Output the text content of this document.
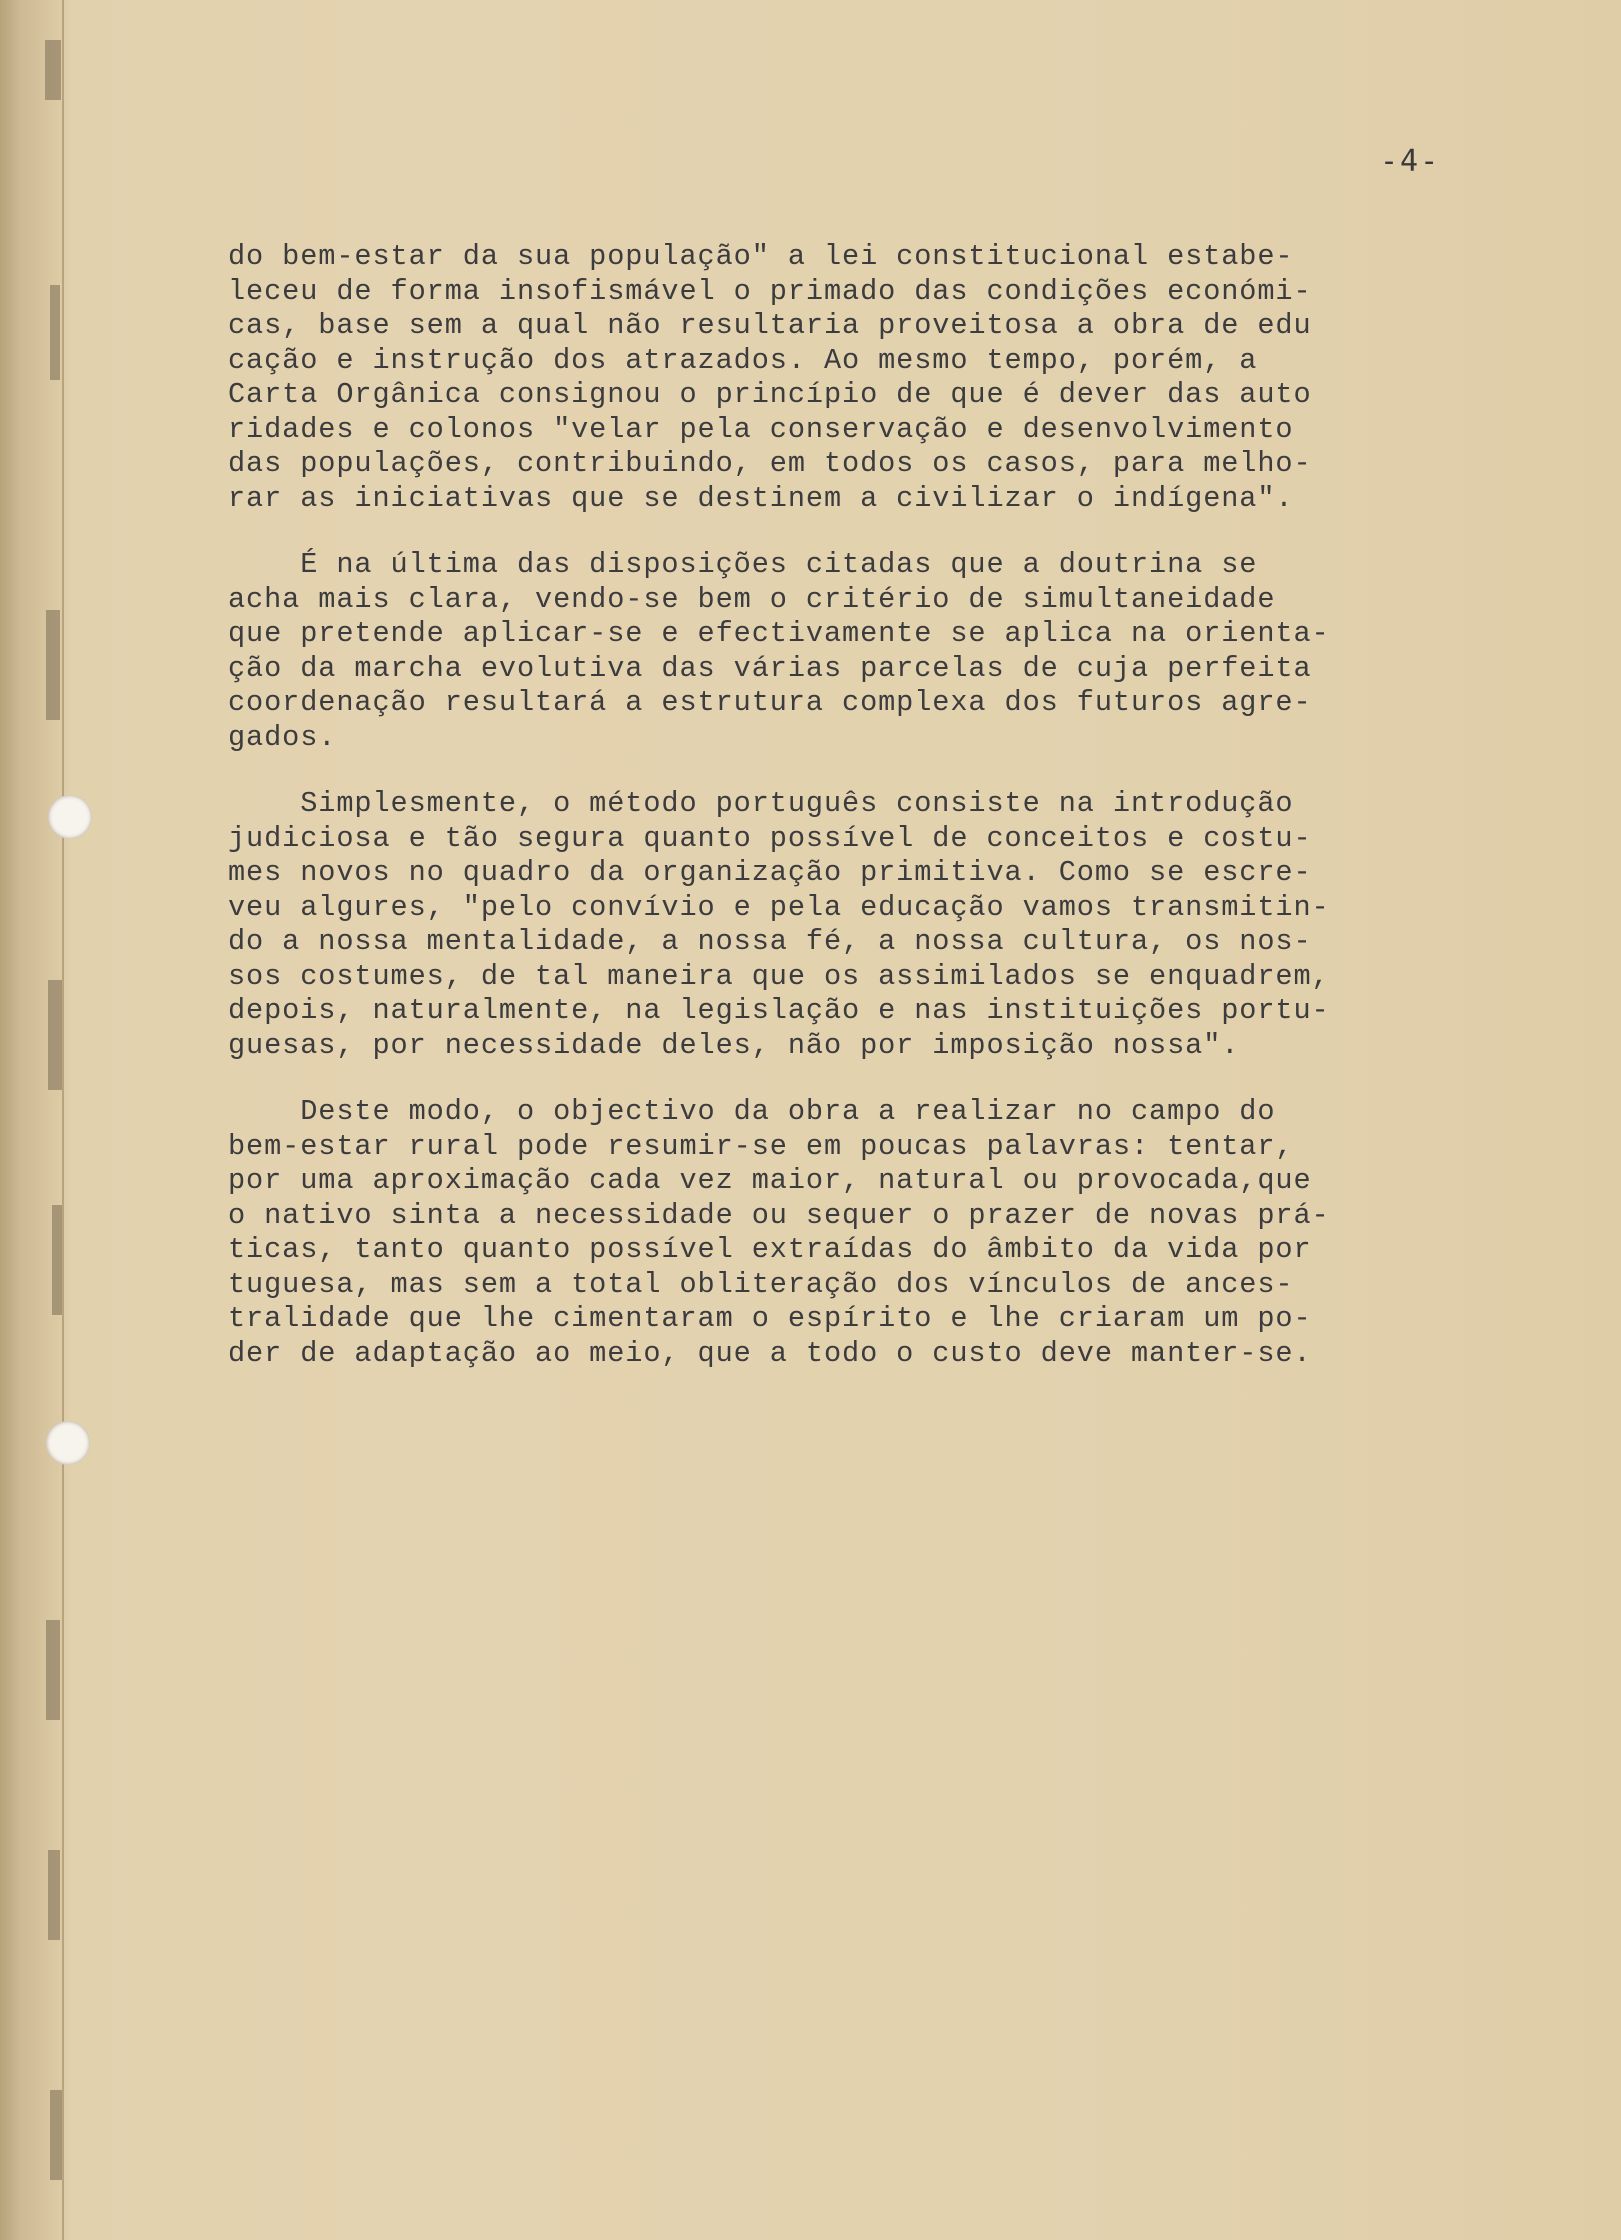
-4-
do bem-estar da sua população" a lei constitucional estabe-
leceu de forma insofismável o primado das condições económi-
cas, base sem a qual não resultaria proveitosa a obra de edu
cação e instrução dos atrazados. Ao mesmo tempo, porém, a
Carta Orgânica consignou o princípio de que é dever das auto
ridades e colonos "velar pela conservação e desenvolvimento
das populações, contribuindo, em todos os casos, para melho-
rar as iniciativas que se destinem a civilizar o indígena".
É na última das disposições citadas que a doutrina se
acha mais clara, vendo-se bem o critério de simultaneidade
que pretende aplicar-se e efectivamente se aplica na orienta-
ção da marcha evolutiva das várias parcelas de cuja perfeita
coordenação resultará a estrutura complexa dos futuros agre-
gados.
Simplesmente, o método português consiste na introdução
judiciosa e tão segura quanto possível de conceitos e costu-
mes novos no quadro da organização primitiva. Como se escre-
veu algures, "pelo convívio e pela educação vamos transmitin-
do a nossa mentalidade, a nossa fé, a nossa cultura, os nos-
sos costumes, de tal maneira que os assimilados se enquadrem,
depois, naturalmente, na legislação e nas instituições portu-
guesas, por necessidade deles, não por imposição nossa".
Deste modo, o objectivo da obra a realizar no campo do
bem-estar rural pode resumir-se em poucas palavras: tentar,
por uma aproximação cada vez maior, natural ou provocada,que
o nativo sinta a necessidade ou sequer o prazer de novas prá-
ticas, tanto quanto possível extraídas do âmbito da vida por
tuguesa, mas sem a total obliteração dos vínculos de ances-
tralidade que lhe cimentaram o espírito e lhe criaram um po-
der de adaptação ao meio, que a todo o custo deve manter-se.
